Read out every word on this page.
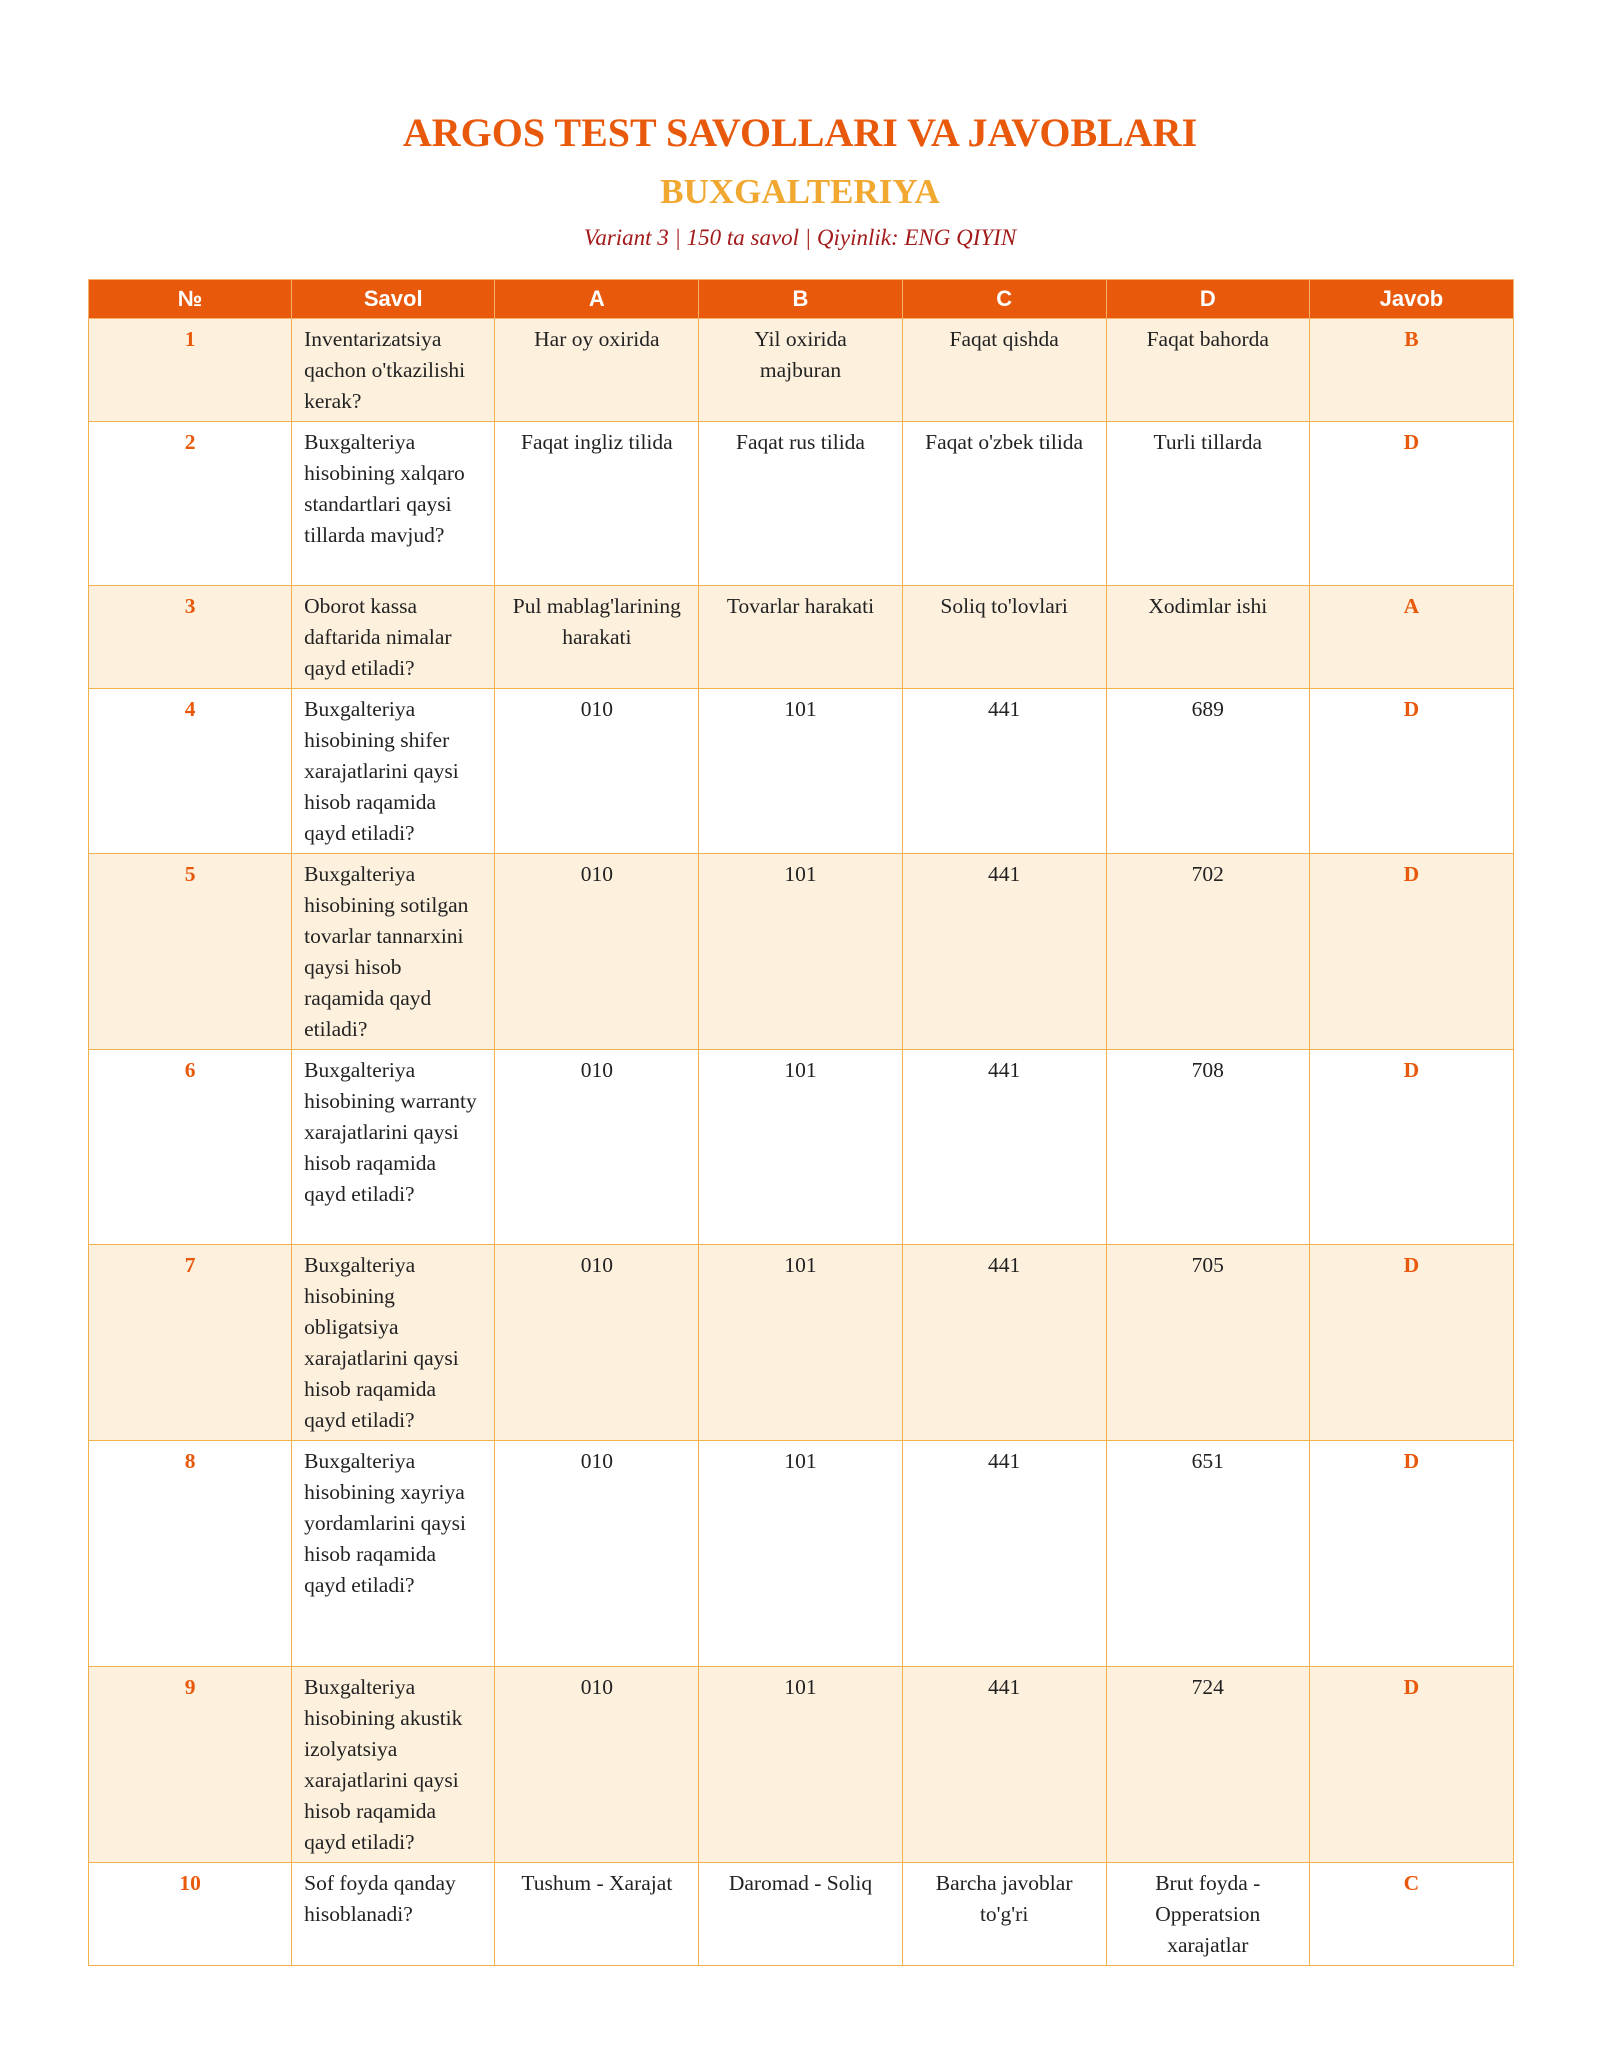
ARGOS TEST SAVOLLARI VA JAVOBLARI
BUXGALTERIYA

Variant 3 | 150 ta savol | Qiyinlik: ENG QIYIN

№	Savol	A	B	C	D	Javob
1	Inventarizatsiya qachon o'tkazilishi kerak?	Har oy oxirida	Yil oxirida majburan	Faqat qishda	Faqat bahorda	B
2	Buxgalteriya hisobining xalqaro standartlari qaysi tillarda mavjud?	Faqat ingliz tilida	Faqat rus tilida	Faqat o'zbek tilida	Turli tillarda	D
3	Oborot kassa daftarida nimalar qayd etiladi?	Pul mablag'larining harakati	Tovarlar harakati	Soliq to'lovlari	Xodimlar ishi	A
4	Buxgalteriya hisobining shifer xarajatlarini qaysi hisob raqamida qayd etiladi?	010	101	441	689	D
5	Buxgalteriya hisobining sotilgan tovarlar tannarxini qaysi hisob raqamida qayd etiladi?	010	101	441	702	D
6	Buxgalteriya hisobining warranty xarajatlarini qaysi hisob raqamida qayd etiladi?	010	101	441	708	D
7	Buxgalteriya hisobining obligatsiya xarajatlarini qaysi hisob raqamida qayd etiladi?	010	101	441	705	D
8	Buxgalteriya hisobining xayriya yordamlarini qaysi hisob raqamida qayd etiladi?	010	101	441	651	D
9	Buxgalteriya hisobining akustik izolyatsiya xarajatlarini qaysi hisob raqamida qayd etiladi?	010	101	441	724	D
10	Sof foyda qanday hisoblanadi?	Tushum - Xarajat	Daromad - Soliq	Barcha javoblar to'g'ri	Brut foyda - Opperatsion xarajatlar	C
